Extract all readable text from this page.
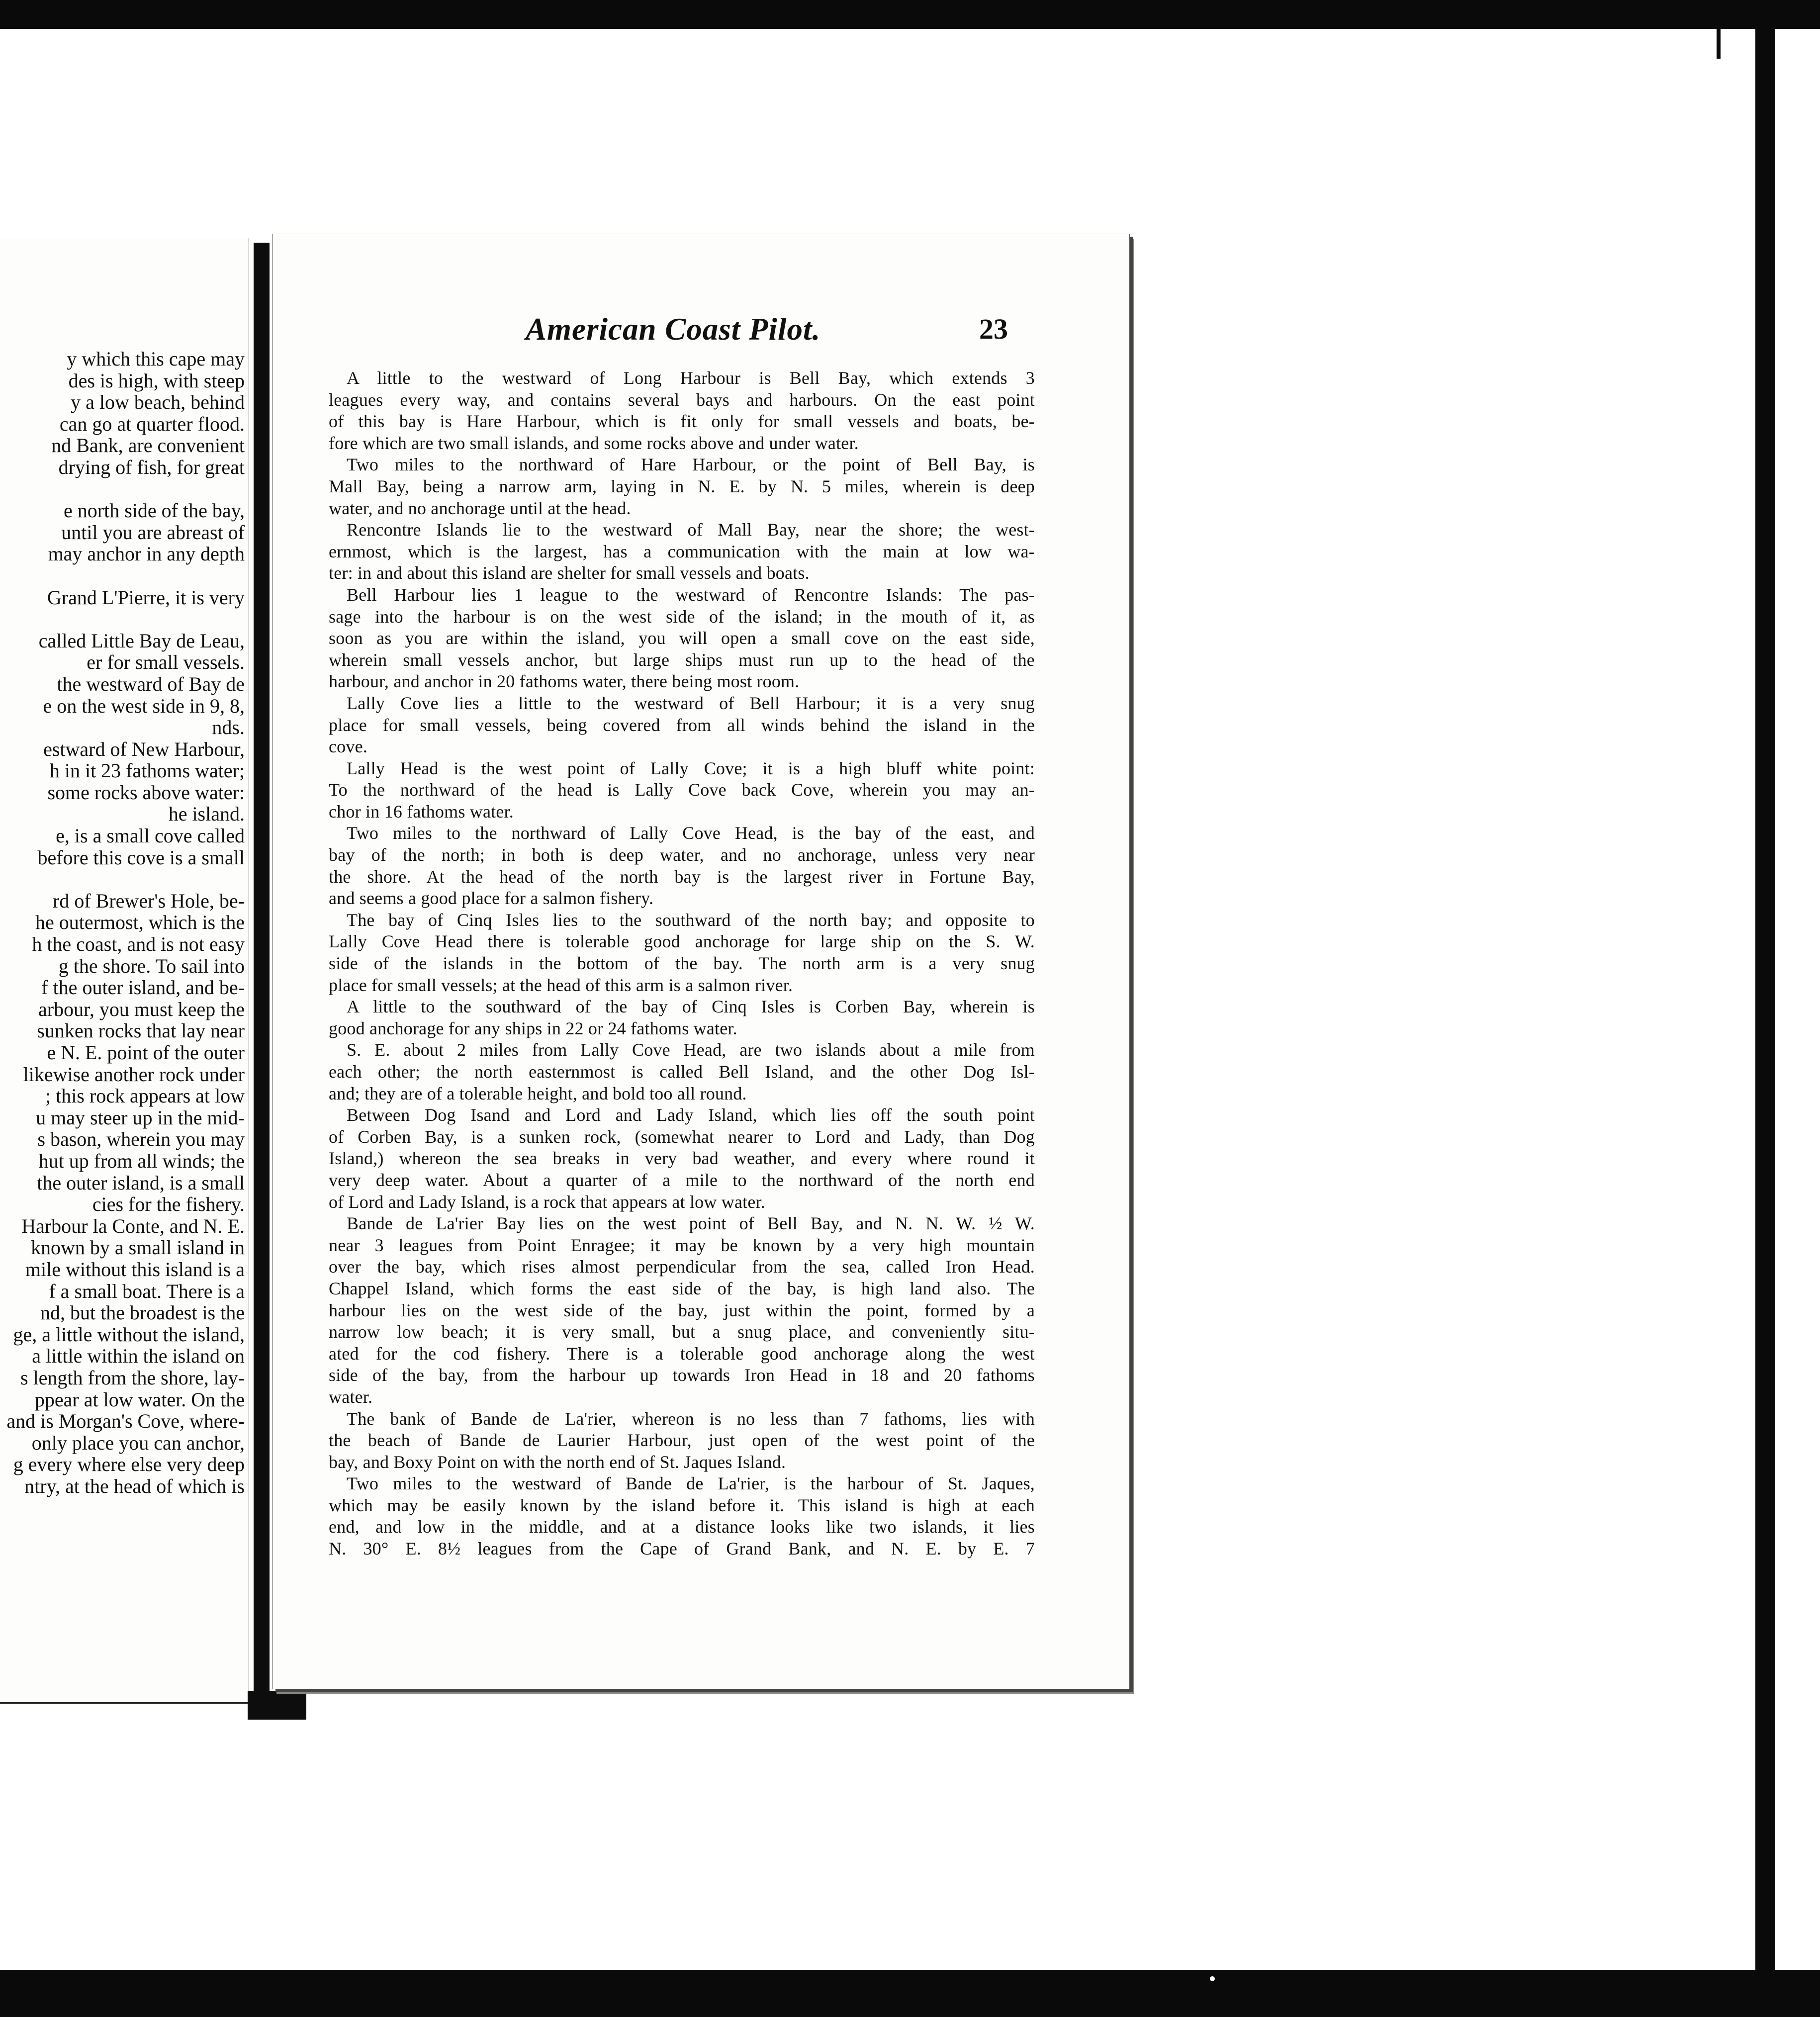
y which this cape may
des is high, with steep
y a low beach, behind
can go at quarter flood.
nd Bank, are convenient
drying of fish, for great
e north side of the bay,
until you are abreast of
may anchor in any depth
Grand L'Pierre, it is very
called Little Bay de Leau,
er for small vessels.
the westward of Bay de
e on the west side in 9, 8,
nds.
estward of New Harbour,
h in it 23 fathoms water;
some rocks above water:
he island.
e, is a small cove called
before this cove is a small
rd of Brewer's Hole, be-
he outermost, which is the
h the coast, and is not easy
g the shore. To sail into
f the outer island, and be-
arbour, you must keep the
sunken rocks that lay near
e N. E. point of the outer
likewise another rock under
; this rock appears at low
u may steer up in the mid-
s bason, wherein you may
hut up from all winds; the
the outer island, is a small
cies for the fishery.
Harbour la Conte, and N. E.
known by a small island in
mile without this island is a
f a small boat. There is a
nd, but the broadest is the
ge, a little without the island,
a little within the island on
s length from the shore, lay-
ppear at low water. On the
and is Morgan's Cove, where-
only place you can anchor,
g every where else very deep
ntry, at the head of which is
American Coast Pilot.	23
A little to the westward of Long Harbour is Bell Bay, which extends 3
leagues every way, and contains several bays and harbours. On the east point
of this bay is Hare Harbour, which is fit only for small vessels and boats, be-
fore which are two small islands, and some rocks above and under water.
Two miles to the northward of Hare Harbour, or the point of Bell Bay, is
Mall Bay, being a narrow arm, laying in N. E. by N. 5 miles, wherein is deep
water, and no anchorage until at the head.
Rencontre Islands lie to the westward of Mall Bay, near the shore; the west-
ernmost, which is the largest, has a communication with the main at low wa-
ter: in and about this island are shelter for small vessels and boats.
Bell Harbour lies 1 league to the westward of Rencontre Islands: The pas-
sage into the harbour is on the west side of the island; in the mouth of it, as
soon as you are within the island, you will open a small cove on the east side,
wherein small vessels anchor, but large ships must run up to the head of the
harbour, and anchor in 20 fathoms water, there being most room.
Lally Cove lies a little to the westward of Bell Harbour; it is a very snug
place for small vessels, being covered from all winds behind the island in the
cove.
Lally Head is the west point of Lally Cove; it is a high bluff white point:
To the northward of the head is Lally Cove back Cove, wherein you may an-
chor in 16 fathoms water.
Two miles to the northward of Lally Cove Head, is the bay of the east, and
bay of the north; in both is deep water, and no anchorage, unless very near
the shore. At the head of the north bay is the largest river in Fortune Bay,
and seems a good place for a salmon fishery.
The bay of Cinq Isles lies to the southward of the north bay; and opposite to
Lally Cove Head there is tolerable good anchorage for large ship on the S. W.
side of the islands in the bottom of the bay. The north arm is a very snug
place for small vessels; at the head of this arm is a salmon river.
A little to the southward of the bay of Cinq Isles is Corben Bay, wherein is
good anchorage for any ships in 22 or 24 fathoms water.
S. E. about 2 miles from Lally Cove Head, are two islands about a mile from
each other; the north easternmost is called Bell Island, and the other Dog Isl-
and; they are of a tolerable height, and bold too all round.
Between Dog Isand and Lord and Lady Island, which lies off the south point
of Corben Bay, is a sunken rock, (somewhat nearer to Lord and Lady, than Dog
Island,) whereon the sea breaks in very bad weather, and every where round it
very deep water. About a quarter of a mile to the northward of the north end
of Lord and Lady Island, is a rock that appears at low water.
Bande de La'rier Bay lies on the west point of Bell Bay, and N. N. W. ½ W.
near 3 leagues from Point Enragee; it may be known by a very high mountain
over the bay, which rises almost perpendicular from the sea, called Iron Head.
Chappel Island, which forms the east side of the bay, is high land also. The
harbour lies on the west side of the bay, just within the point, formed by a
narrow low beach; it is very small, but a snug place, and conveniently situ-
ated for the cod fishery. There is a tolerable good anchorage along the west
side of the bay, from the harbour up towards Iron Head in 18 and 20 fathoms
water.
The bank of Bande de La'rier, whereon is no less than 7 fathoms, lies with
the beach of Bande de Laurier Harbour, just open of the west point of the
bay, and Boxy Point on with the north end of St. Jaques Island.
Two miles to the westward of Bande de La'rier, is the harbour of St. Jaques,
which may be easily known by the island before it. This island is high at each
end, and low in the middle, and at a distance looks like two islands, it lies
N. 30° E. 8½ leagues from the Cape of Grand Bank, and N. E. by E. 7
